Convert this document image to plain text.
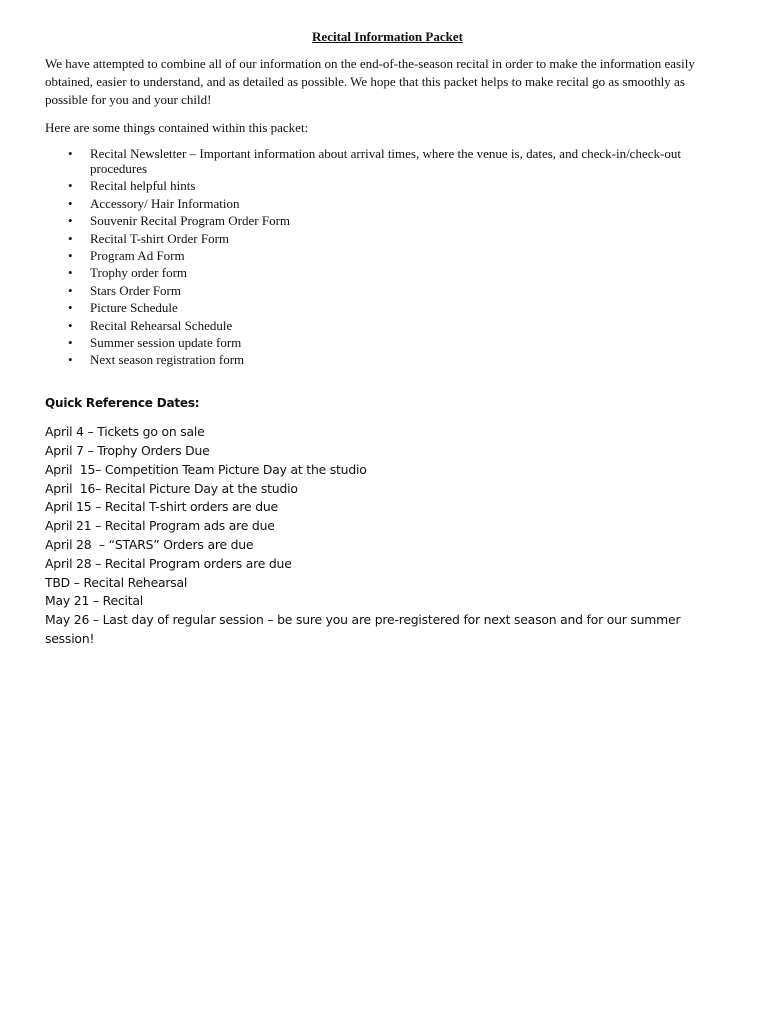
Recital Information Packet

We have attempted to combine all of our information on the end-of-the-season recital in order to make the information easily obtained, easier to understand, and as detailed as possible. We hope that this packet helps to make recital go as smoothly as possible for you and your child!

Here are some things contained within this packet:

• Recital Newsletter – Important information about arrival times, where the venue is, dates, and check-in/check-out procedures
• Recital helpful hints
• Accessory/ Hair Information
• Souvenir Recital Program Order Form
• Recital T-shirt Order Form
• Program Ad Form
• Trophy order form
• Stars Order Form
• Picture Schedule
• Recital Rehearsal Schedule
• Summer session update form
• Next season registration form
Quick Reference Dates:
April 4 – Tickets go on sale
April 7 – Trophy Orders Due
April  15– Competition Team Picture Day at the studio
April  16– Recital Picture Day at the studio
April 15 – Recital T-shirt orders are due
April 21 – Recital Program ads are due
April 28  – “STARS” Orders are due
April 28 – Recital Program orders are due
TBD – Recital Rehearsal
May 21 – Recital
May 26 – Last day of regular session – be sure you are pre-registered for next season and for our summer session!
